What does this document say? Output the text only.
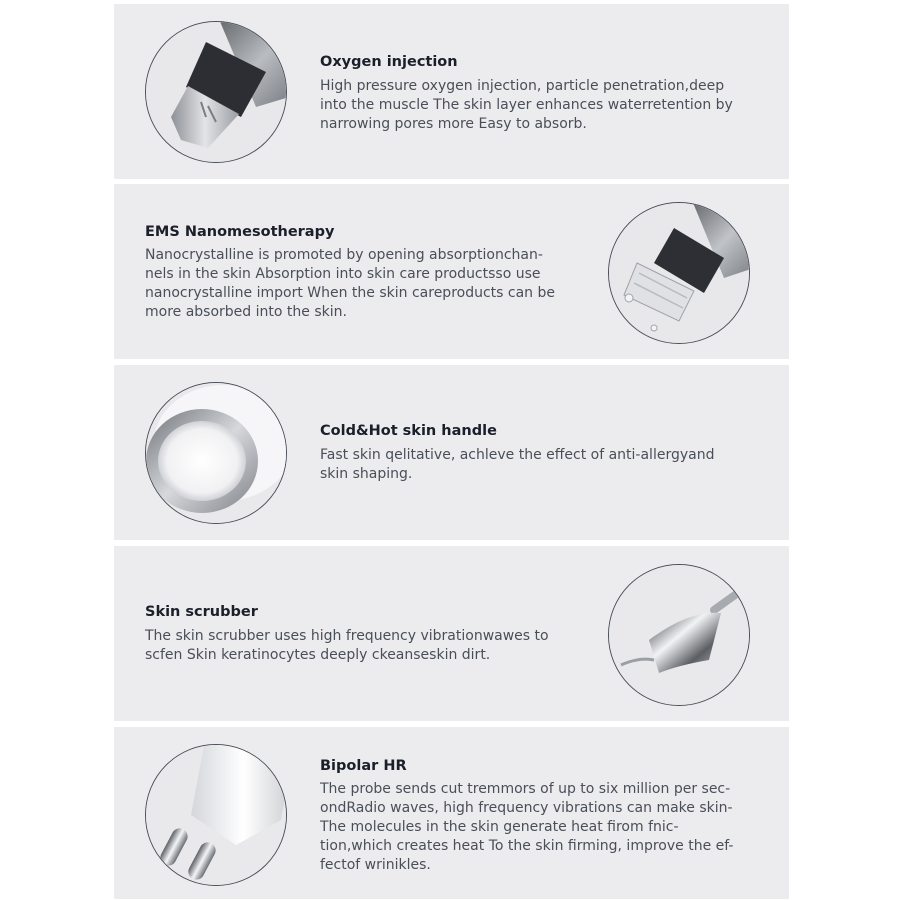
Oxygen injection

High pressure oxygen injection, particle penetration,deep
into the muscle The skin layer enhances waterretention by
narrowing pores more Easy to absorb.

EMS Nanomesotherapy

Nanocrystalline is promoted by opening absorptionchan-
nels in the skin Absorption into skin care productsso use
nanocrystalline import When the skin careproducts can be
more absorbed into the skin.

Cold&Hot skin handle

Fast skin qelitative, achleve the effect of anti-allergyand
skin shaping.

Skin scrubber

The skin scrubber uses high frequency vibrationwawes to
scfen Skin keratinocytes deeply ckeanseskin dirt.

Bipolar HR

The probe sends cut tremmors of up to six million per sec-
ondRadio waves, high frequency vibrations can make skin-
The molecules in the skin generate heat firom fnic-
tion,which creates heat To the skin firming, improve the ef-
fectof wrinikles.
